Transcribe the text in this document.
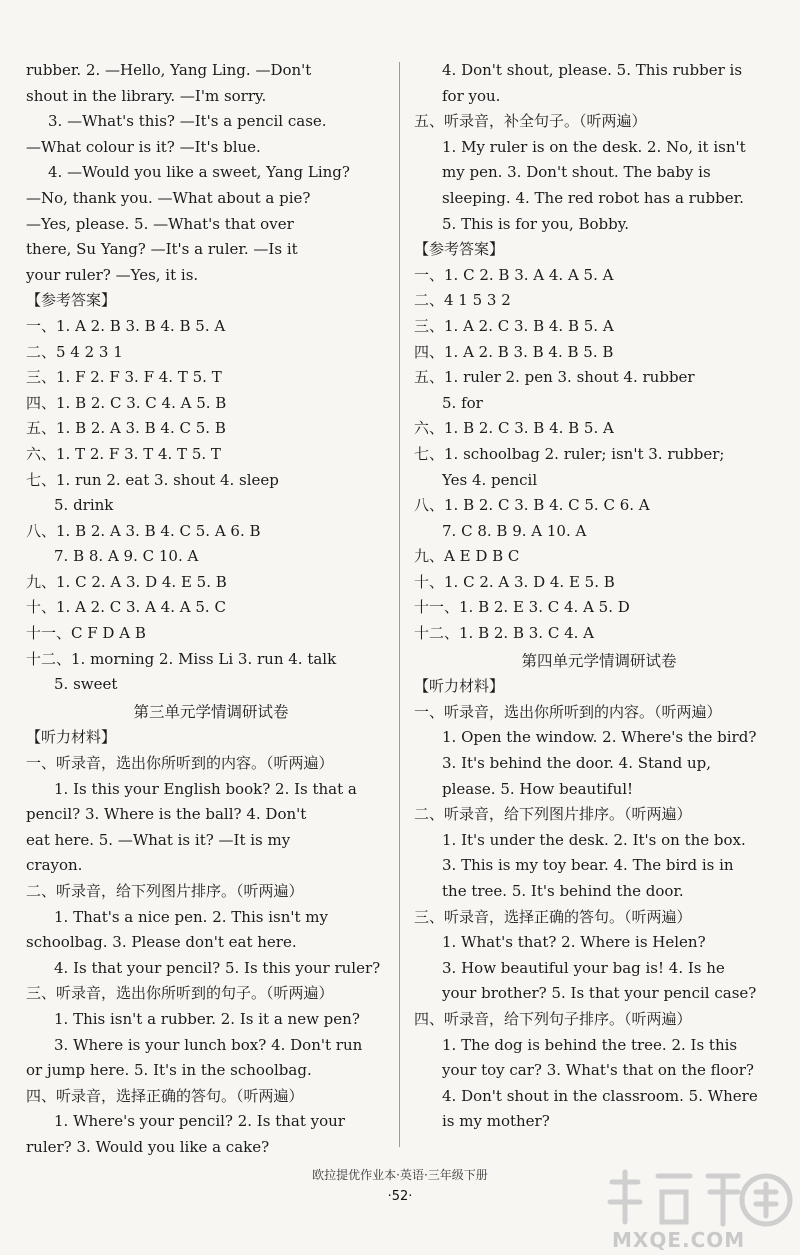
rubber. 2. —Hello, Yang Ling. —Don't
shout in the library. —I'm sorry.
3. —What's this? —It's a pencil case.
—What colour is it? —It's blue.
4. —Would you like a sweet, Yang Ling?
—No, thank you. —What about a pie?
—Yes, please. 5. —What's that over
there, Su Yang? —It's a ruler. —Is it
your ruler? —Yes, it is.
【参考答案】
一、1. A 2. B 3. B 4. B 5. A
二、5 4 2 3 1
三、1. F 2. F 3. F 4. T 5. T
四、1. B 2. C 3. C 4. A 5. B
五、1. B 2. A 3. B 4. C 5. B
六、1. T 2. F 3. T 4. T 5. T
七、1. run 2. eat 3. shout 4. sleep
5. drink
八、1. B 2. A 3. B 4. C 5. A 6. B
7. B 8. A 9. C 10. A
九、1. C 2. A 3. D 4. E 5. B
十、1. A 2. C 3. A 4. A 5. C
十一、C F D A B
十二、1. morning 2. Miss Li 3. run 4. talk
5. sweet
第三单元学情调研试卷
【听力材料】
一、听录音，选出你所听到的内容。（听两遍）
1. Is this your English book? 2. Is that a
pencil? 3. Where is the ball? 4. Don't
eat here. 5. —What is it? —It is my
crayon.
二、听录音，给下列图片排序。（听两遍）
1. That's a nice pen. 2. This isn't my
schoolbag. 3. Please don't eat here.
4. Is that your pencil? 5. Is this your ruler?
三、听录音，选出你所听到的句子。（听两遍）
1. This isn't a rubber. 2. Is it a new pen?
3. Where is your lunch box? 4. Don't run
or jump here. 5. It's in the schoolbag.
四、听录音，选择正确的答句。（听两遍）
1. Where's your pencil? 2. Is that your
ruler? 3. Would you like a cake?
4. Don't shout, please. 5. This rubber is
for you.
五、听录音，补全句子。（听两遍）
1. My ruler is on the desk. 2. No, it isn't
my pen. 3. Don't shout. The baby is
sleeping. 4. The red robot has a rubber.
5. This is for you, Bobby.
【参考答案】
一、1. C 2. B 3. A 4. A 5. A
二、4 1 5 3 2
三、1. A 2. C 3. B 4. B 5. A
四、1. A 2. B 3. B 4. B 5. B
五、1. ruler 2. pen 3. shout 4. rubber
5. for
六、1. B 2. C 3. B 4. B 5. A
七、1. schoolbag 2. ruler; isn't 3. rubber;
Yes 4. pencil
八、1. B 2. C 3. B 4. C 5. C 6. A
7. C 8. B 9. A 10. A
九、A E D B C
十、1. C 2. A 3. D 4. E 5. B
十一、1. B 2. E 3. C 4. A 5. D
十二、1. B 2. B 3. C 4. A
第四单元学情调研试卷
【听力材料】
一、听录音，选出你所听到的内容。（听两遍）
1. Open the window. 2. Where's the bird?
3. It's behind the door. 4. Stand up,
please. 5. How beautiful!
二、听录音，给下列图片排序。（听两遍）
1. It's under the desk. 2. It's on the box.
3. This is my toy bear. 4. The bird is in
the tree. 5. It's behind the door.
三、听录音，选择正确的答句。（听两遍）
1. What's that? 2. Where is Helen?
3. How beautiful your bag is! 4. Is he
your brother? 5. Is that your pencil case?
四、听录音，给下列句子排序。（听两遍）
1. The dog is behind the tree. 2. Is this
your toy car? 3. What's that on the floor?
4. Don't shout in the classroom. 5. Where
is my mother?
欧拉提优作业本·英语·三年级下册
·52·
MXQE.COM
